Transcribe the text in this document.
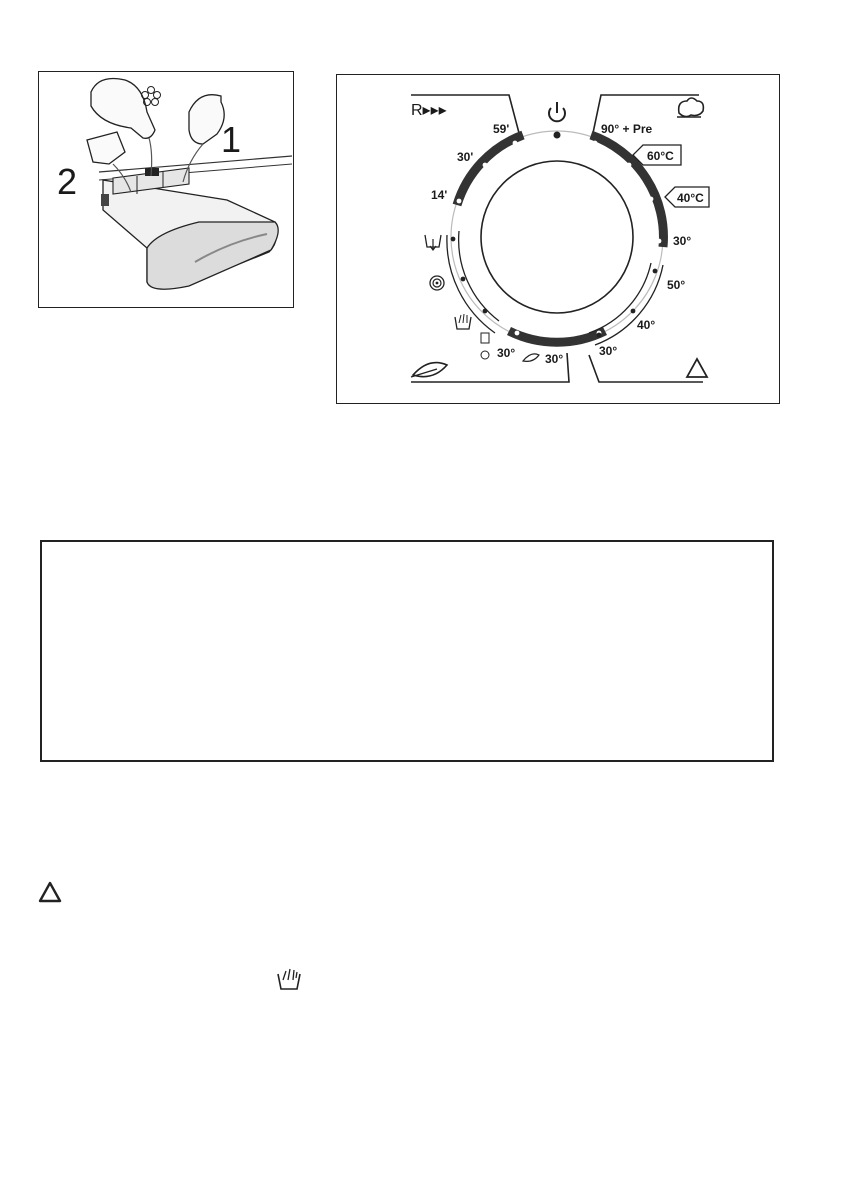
1
2
R▸▸▸
59'
30'
14'
90° + Pre
60°C
40°C
30°
50°
40°
30°
30° 30°
